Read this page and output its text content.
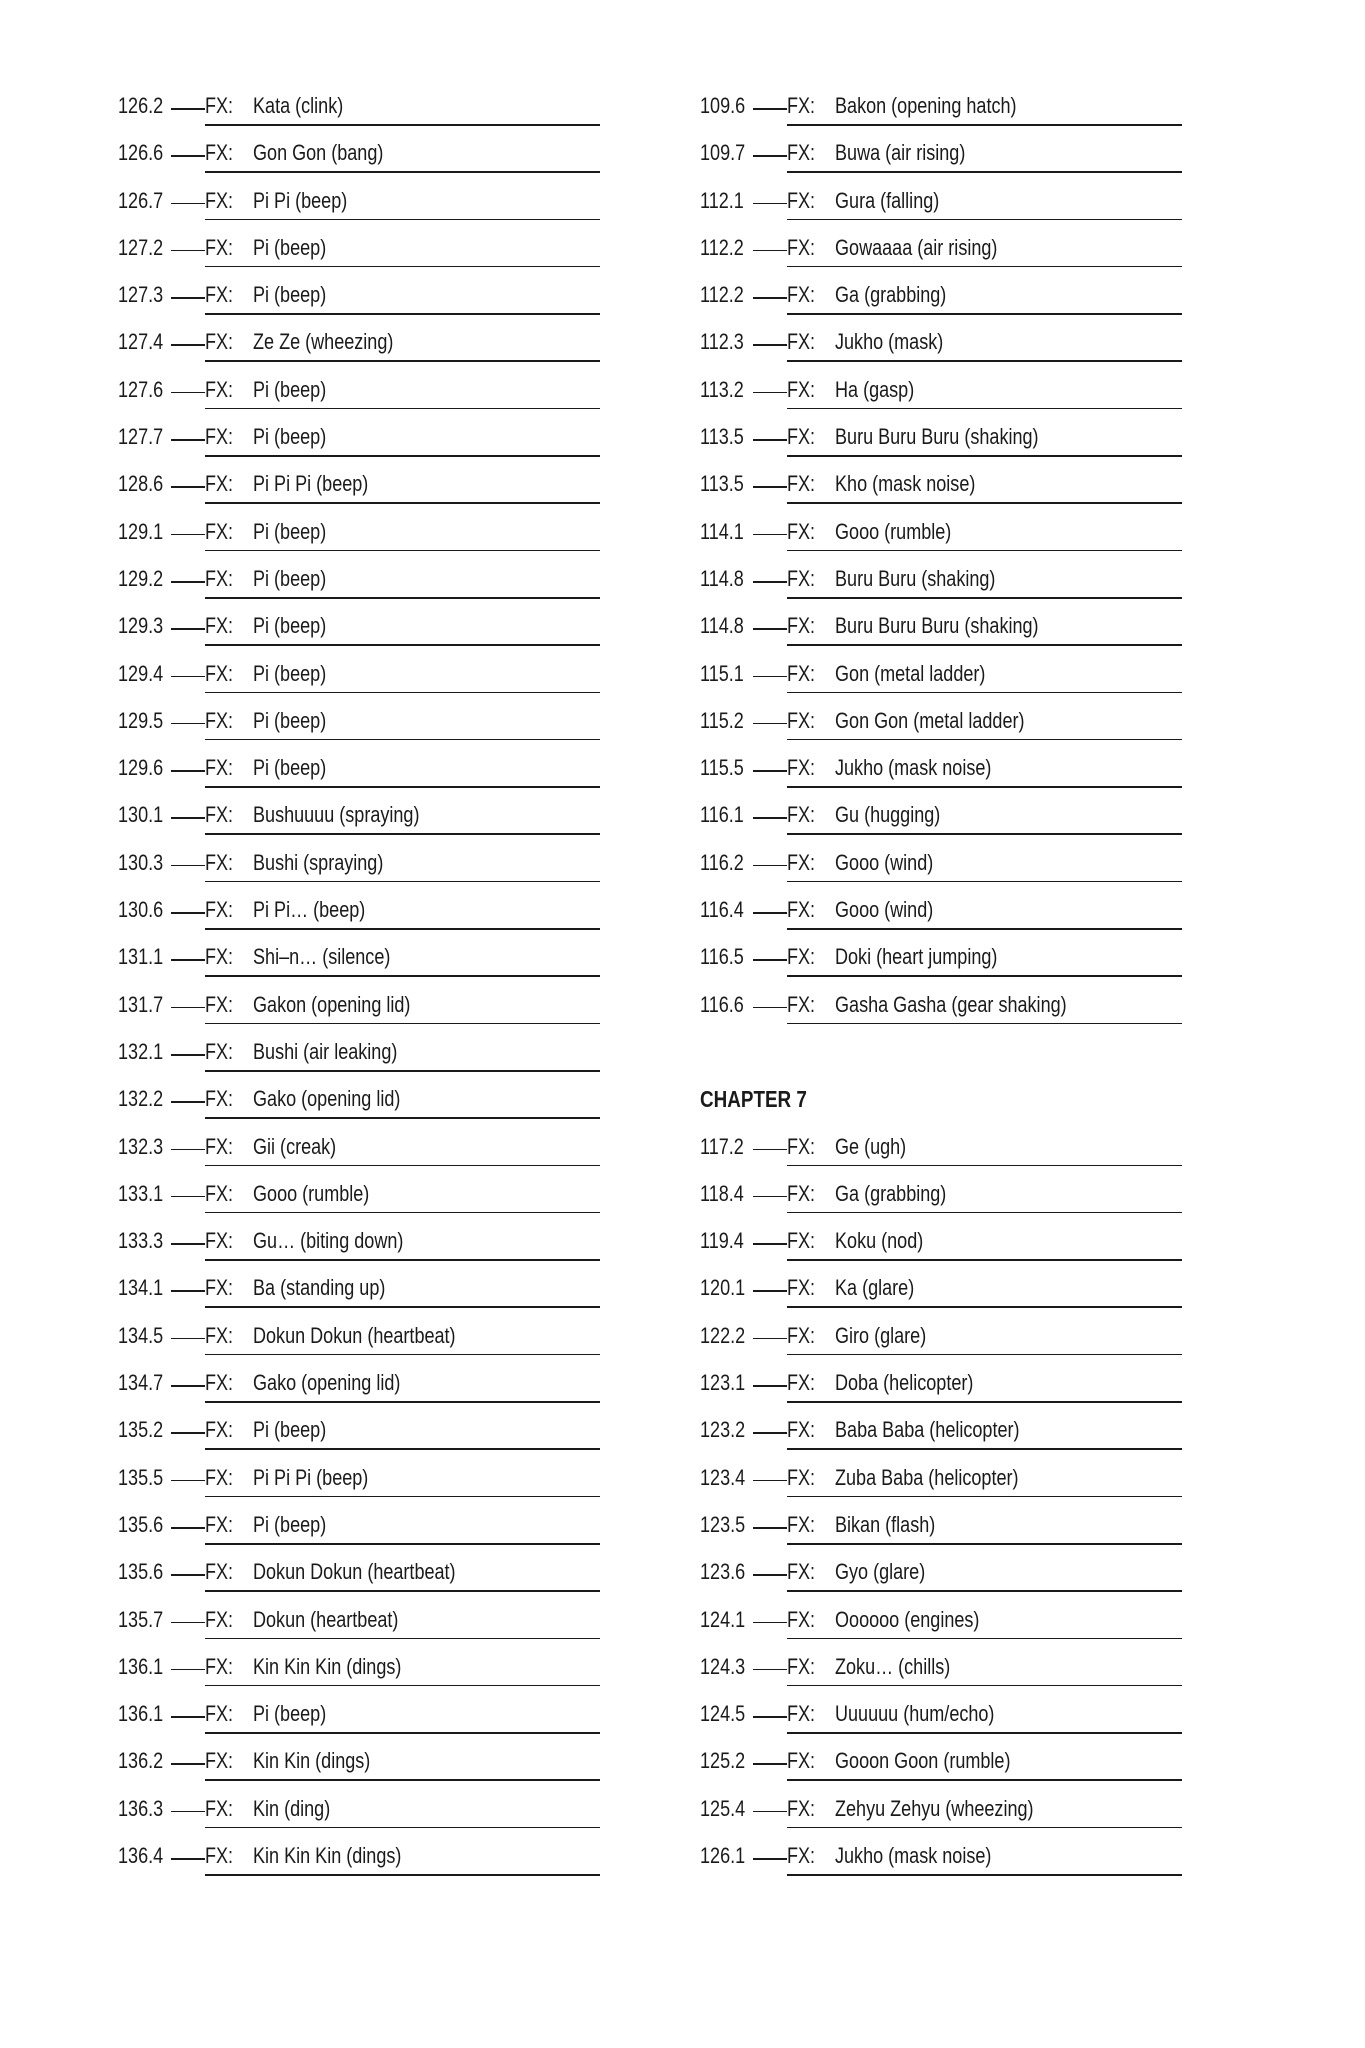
126.2 FX: Kata (clink)
126.6 FX: Gon Gon (bang)
126.7 FX: Pi Pi (beep)
127.2 FX: Pi (beep)
127.3 FX: Pi (beep)
127.4 FX: Ze Ze (wheezing)
127.6 FX: Pi (beep)
127.7 FX: Pi (beep)
128.6 FX: Pi Pi Pi (beep)
129.1 FX: Pi (beep)
129.2 FX: Pi (beep)
129.3 FX: Pi (beep)
129.4 FX: Pi (beep)
129.5 FX: Pi (beep)
129.6 FX: Pi (beep)
130.1 FX: Bushuuuu (spraying)
130.3 FX: Bushi (spraying)
130.6 FX: Pi Pi… (beep)
131.1 FX: Shi–n… (silence)
131.7 FX: Gakon (opening lid)
132.1 FX: Bushi (air leaking)
132.2 FX: Gako (opening lid)
132.3 FX: Gii (creak)
133.1 FX: Gooo (rumble)
133.3 FX: Gu… (biting down)
134.1 FX: Ba (standing up)
134.5 FX: Dokun Dokun (heartbeat)
134.7 FX: Gako (opening lid)
135.2 FX: Pi (beep)
135.5 FX: Pi Pi Pi (beep)
135.6 FX: Pi (beep)
135.6 FX: Dokun Dokun (heartbeat)
135.7 FX: Dokun (heartbeat)
136.1 FX: Kin Kin Kin (dings)
136.1 FX: Pi (beep)
136.2 FX: Kin Kin (dings)
136.3 FX: Kin (ding)
136.4 FX: Kin Kin Kin (dings)
109.6 FX: Bakon (opening hatch)
109.7 FX: Buwa (air rising)
112.1 FX: Gura (falling)
112.2 FX: Gowaaaa (air rising)
112.2 FX: Ga (grabbing)
112.3 FX: Jukho (mask)
113.2 FX: Ha (gasp)
113.5 FX: Buru Buru Buru (shaking)
113.5 FX: Kho (mask noise)
114.1 FX: Gooo (rumble)
114.8 FX: Buru Buru (shaking)
114.8 FX: Buru Buru Buru (shaking)
115.1 FX: Gon (metal ladder)
115.2 FX: Gon Gon (metal ladder)
115.5 FX: Jukho (mask noise)
116.1 FX: Gu (hugging)
116.2 FX: Gooo (wind)
116.4 FX: Gooo (wind)
116.5 FX: Doki (heart jumping)
116.6 FX: Gasha Gasha (gear shaking)
CHAPTER 7
117.2 FX: Ge (ugh)
118.4 FX: Ga (grabbing)
119.4 FX: Koku (nod)
120.1 FX: Ka (glare)
122.2 FX: Giro (glare)
123.1 FX: Doba (helicopter)
123.2 FX: Baba Baba (helicopter)
123.4 FX: Zuba Baba (helicopter)
123.5 FX: Bikan (flash)
123.6 FX: Gyo (glare)
124.1 FX: Oooooo (engines)
124.3 FX: Zoku… (chills)
124.5 FX: Uuuuuu (hum/echo)
125.2 FX: Gooon Goon (rumble)
125.4 FX: Zehyu Zehyu (wheezing)
126.1 FX: Jukho (mask noise)
